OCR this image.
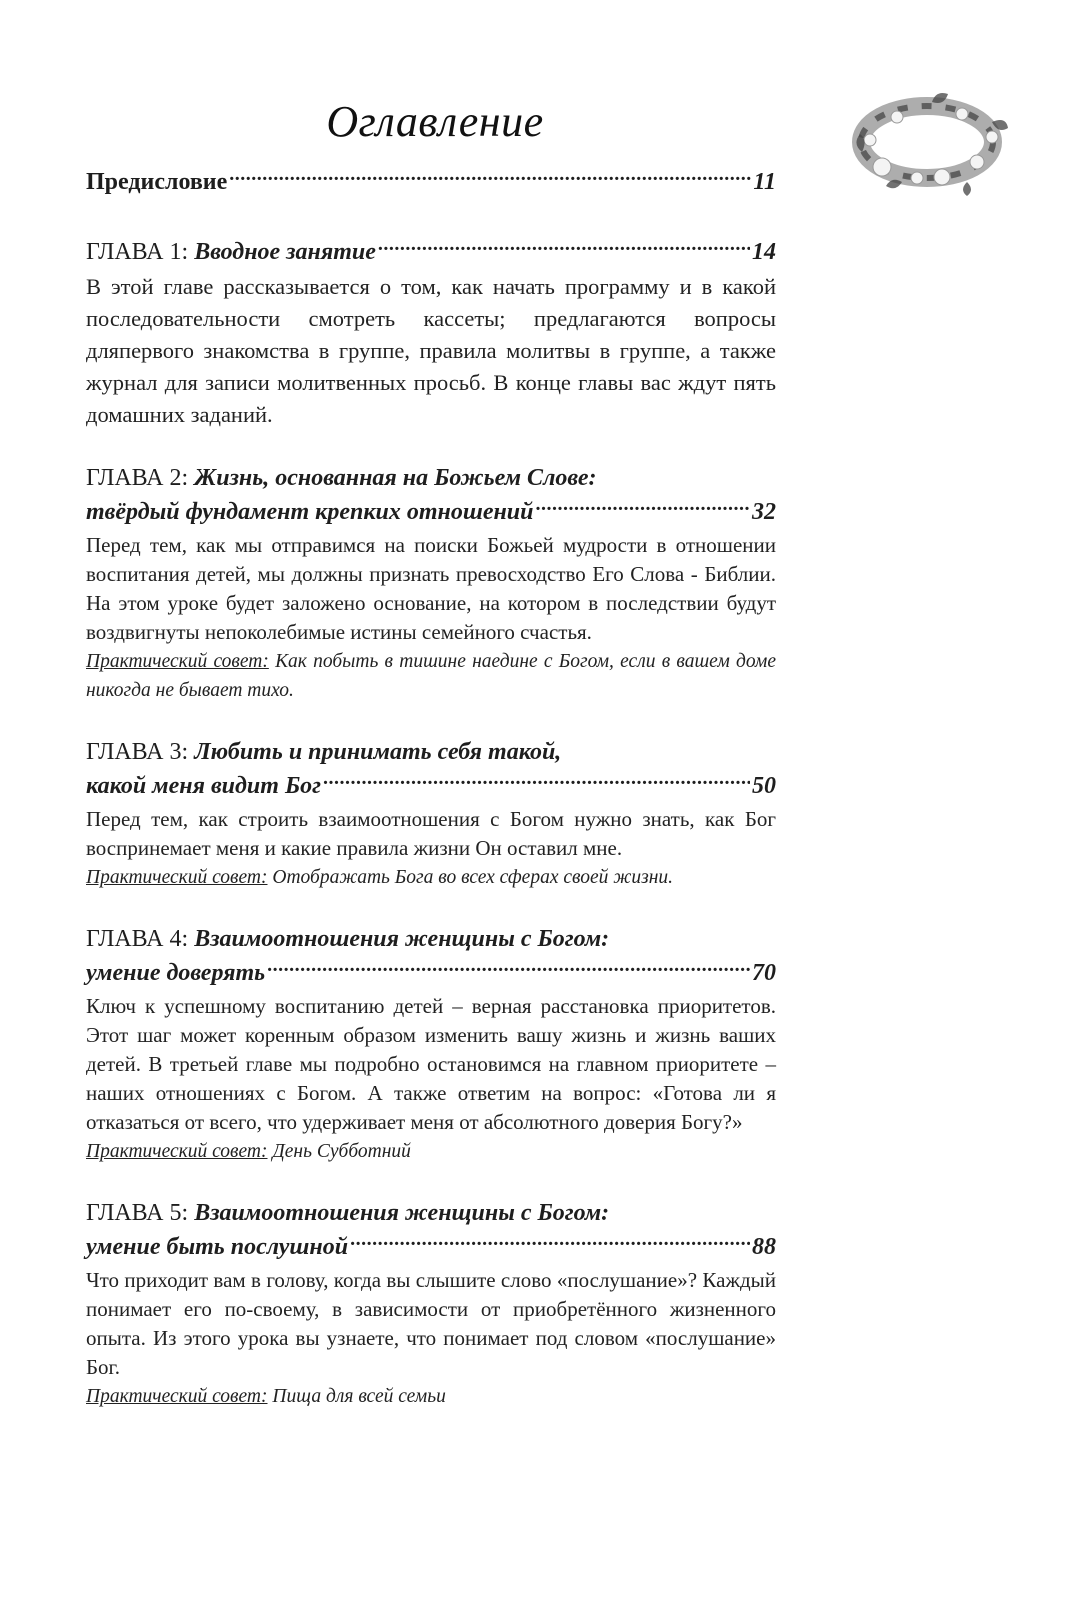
Оглавление
Предисловие .....	11
ГЛАВА 1:
Вводное занятие .....	14

В этой главе рассказывается о том, как начать программу и в какой последовательности смотреть кассеты; предлагаются вопросы дляпервого знакомства в группе, правила молитвы в группе, а также журнал для записи молитвенных просьб. В конце главы вас ждут пять домашних заданий.

ГЛАВА 2: Жизнь, основанная на Божьем Слове:
твёрдый фундамент крепких отношений .....	32

Перед тем, как мы отправимся на поиски Божьей мудрости в отношении воспитания детей, мы должны признать превосходство Его Слова - Библии. На этом уроке будет заложено основание, на котором в последствии будут воздвигнуты непоколебимые истины семейного счастья.

Практический совет: Как побыть в тишине наедине с Богом, если в вашем доме никогда не бывает тихо.
ГЛАВА 3: Любить и принимать себя такой,
какой меня видит Бог .....	50

Перед тем, как строить взаимоотношения с Богом нужно знать, как Бог воспринемает меня и какие правила жизни Он оставил мне.

Практический совет: Отображать Бога во всех сферах своей жизни.
ГЛАВА 4: Взаимоотношения женщины с Богом:
умение доверять .....	70

Ключ к успешному воспитанию детей – верная расстановка приоритетов. Этот шаг может коренным образом изменить вашу жизнь и жизнь ваших детей. В третьей главе мы подробно остановимся на главном приоритете – наших отношениях с Богом. А также ответим на вопрос: «Готова ли я отказаться от всего, что удерживает меня от абсолютного доверия Богу?»

Практический совет: День Субботний
ГЛАВА 5: Взаимоотношения женщины с Богом:
умение быть послушной .....	88

Что приходит вам в голову, когда вы слышите слово «послушание»? Каждый понимает его по-своему, в зависимости от приобретённого жизненного опыта. Из этого урока вы узнаете, что понимает под словом «послушание» Бог.

Практический совет: Пища для всей семьи
